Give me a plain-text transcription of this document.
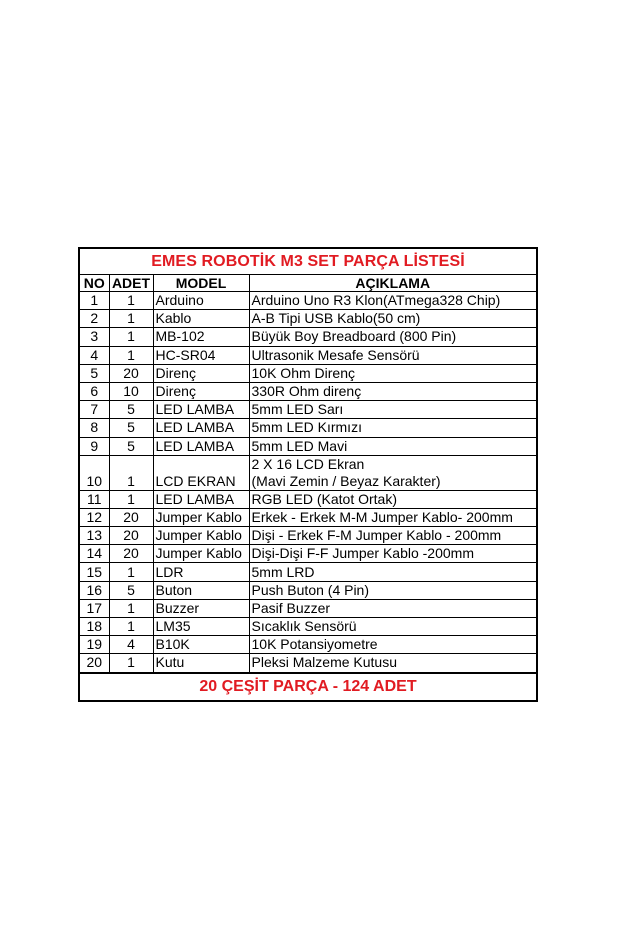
EMES ROBOTİK M3 SET PARÇA LİSTESİ
NO	ADET	MODEL	AÇIKLAMA
1	1	Arduino	Arduino Uno R3 Klon(ATmega328 Chip)

2	1	Kablo	A-B Tipi USB Kablo(50 cm)

3	1	MB-102	Büyük Boy Breadboard (800 Pin)

4	1	HC-SR04	Ultrasonik Mesafe Sensörü

5	20	Direnç	10K Ohm Direnç

6	10	Direnç	330R Ohm direnç

7	5	LED LAMBA	5mm LED Sarı

8	5	LED LAMBA	5mm LED Kırmızı

9	5	LED LAMBA	5mm LED Mavi

10	1	LCD EKRAN	2 X 16 LCD Ekran
(Mavi Zemin / Beyaz Karakter)

11	1	LED LAMBA	RGB LED (Katot Ortak)

12	20	Jumper Kablo	Erkek - Erkek M-M Jumper Kablo- 200mm

13	20	Jumper Kablo	Dişi - Erkek F-M Jumper Kablo - 200mm

14	20	Jumper Kablo	Dişi-Dişi F-F Jumper Kablo -200mm

15	1	LDR	5mm LRD

16	5	Buton	Push Buton (4 Pin)

17	1	Buzzer	Pasif Buzzer

18	1	LM35	Sıcaklık Sensörü

19	4	B10K	10K Potansiyometre

20	1	Kutu	Pleksi Malzeme Kutusu
20 ÇEŞİT PARÇA - 124 ADET
